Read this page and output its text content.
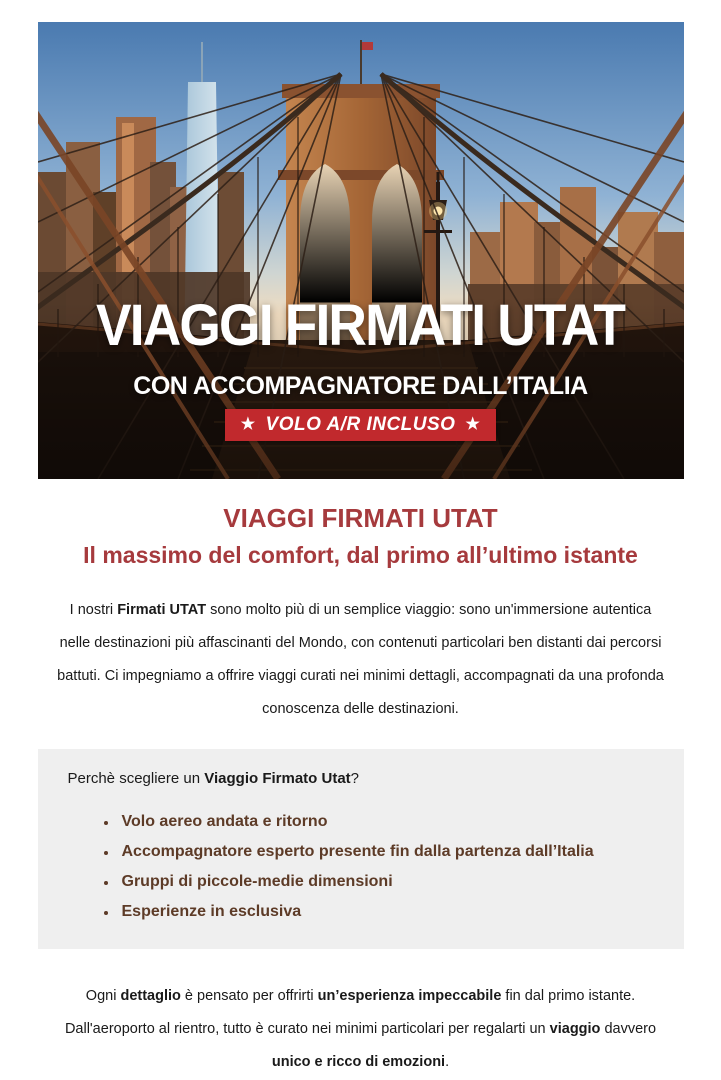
VIAGGI FIRMATI UTAT
CON ACCOMPAGNATORE DALL’ITALIA
★ VOLO A/R INCLUSO ★
VIAGGI FIRMATI UTAT
Il massimo del comfort, dal primo all’ultimo istante

I nostri Firmati UTAT sono molto più di un semplice viaggio: sono un'immersione autentica nelle destinazioni più affascinanti del Mondo, con contenuti particolari ben distanti dai percorsi battuti. Ci impegniamo a offrire viaggi curati nei minimi dettagli, accompagnati da una profonda conoscenza delle destinazioni.

Perchè scegliere un Viaggio Firmato Utat?

• Volo aereo andata e ritorno
• Accompagnatore esperto presente fin dalla partenza dall’Italia
• Gruppi di piccole-medie dimensioni
• Esperienze in esclusiva

Ogni dettaglio è pensato per offrirti un’esperienza impeccabile fin dal primo istante. Dall'aeroporto al rientro, tutto è curato nei minimi particolari per regalarti un viaggio davvero unico e ricco di emozioni.
